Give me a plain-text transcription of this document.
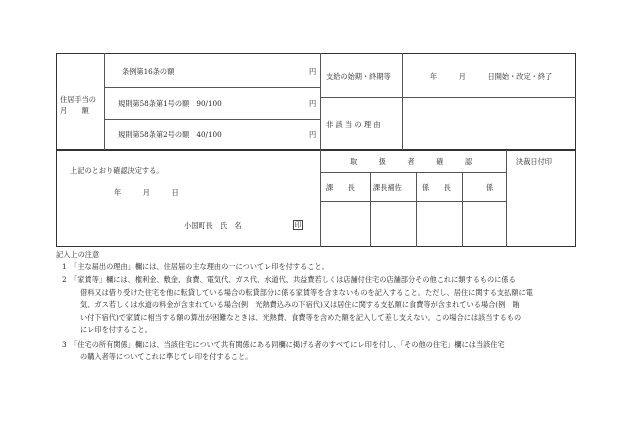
住居手当の
月　　額
条例第16条の額	円
規則第58条第1号の額　90/100	円
規則第58条第2号の額　40/100	円
支給の始期・終期等	年　　　月　　　日開始・改定・終了
非 該 当 の 理 由
取　　　扱　　　者　　　確　　　認	決裁日付印
課　　長	課長補佐	係　　長	係
上記のとおり確認決定する。
年　　　月　　　日
小国町長　氏　名	印
記入上の注意
1　「主な届出の理由」欄には、住居届の主な理由の一についてレ印を付すること。
2　「家賃等」欄には、権利金、敷金、食費、電気代、ガス代、水道代、共益費若しくは店舗付住宅の店舗部分その他これに類するものに係る
借料又は借り受けた住宅を他に転貸している場合の転貸部分に係る家賃等を含まないものを記入すること。ただし、居住に関する支払額に電
気、ガス若しくは水道の料金が含まれている場合(例　光熱費込みの下宿代)又は居住に関する支払額に食費等が含まれている場合(例　賄
い付下宿代)で家賃に相当する額の算出が困難なときは、光熱費、食費等を含めた額を記入して差し支えない。この場合には該当するもの
にレ印を付すること。
3　「住宅の所有関係」欄には、当該住宅について共有関係にある同欄に掲げる者のすべてにレ印を付し、「その他の住宅」欄には当該住宅
の購入者等についてこれに準じてレ印を付すること。
